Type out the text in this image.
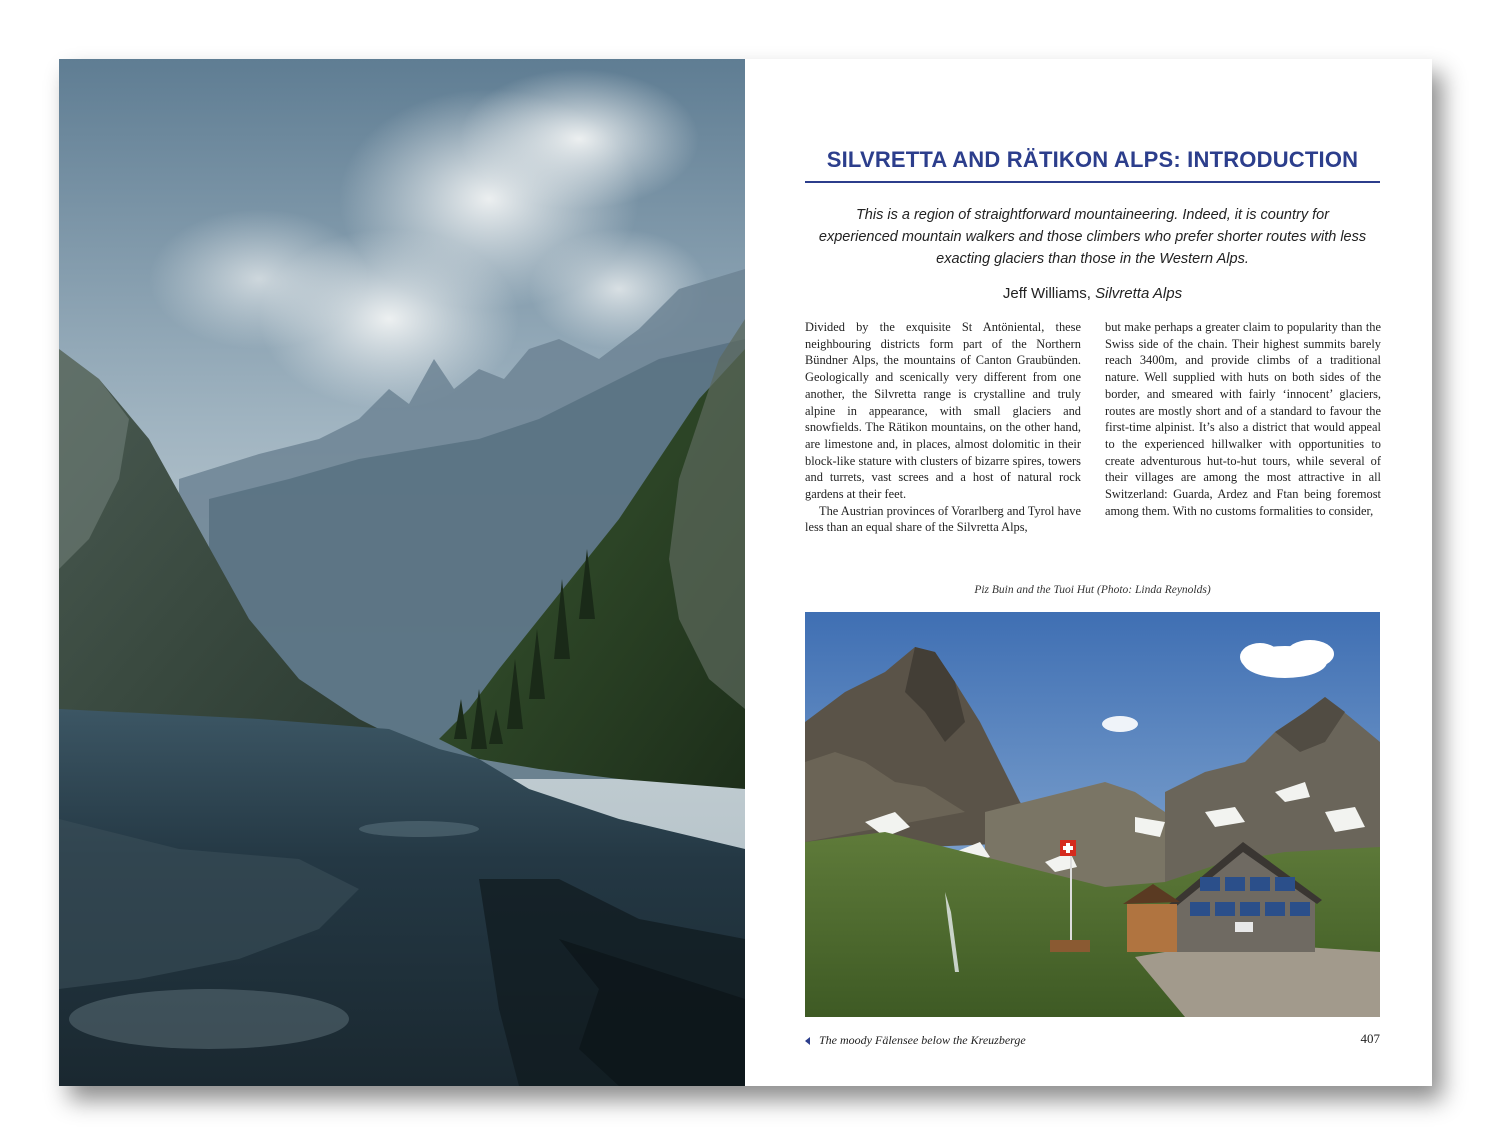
SILVRETTA AND RÄTIKON ALPS: INTRODUCTION

This is a region of straightforward mountaineering. Indeed, it is country for experienced mountain walkers and those climbers who prefer shorter routes with less exacting glaciers than those in the Western Alps.

Jeff Williams, Silvretta Alps

Divided by the exquisite St Antöniental, these neighbouring districts form part of the Northern Bündner Alps, the mountains of Canton Graubünden. Geologically and scenically very different from one another, the Silvretta range is crystalline and truly alpine in appearance, with small glaciers and snowfields. The Rätikon mountains, on the other hand, are limestone and, in places, almost dolomitic in their block-like stature with clusters of bizarre spires, towers and turrets, vast screes and a host of natural rock gardens at their feet.

The Austrian provinces of Vorarlberg and Tyrol have less than an equal share of the Silvretta Alps,

but make perhaps a greater claim to popularity than the Swiss side of the chain. Their highest summits barely reach 3400m, and provide climbs of a traditional nature. Well supplied with huts on both sides of the border, and smeared with fairly ‘innocent’ glaciers, routes are mostly short and of a standard to favour the first-time alpinist. It’s also a district that would appeal to the experienced hillwalker with opportunities to create adventurous hut-to-hut tours, while several of their villages are among the most attractive in all Switzerland: Guarda, Ardez and Ftan being foremost among them. With no customs formalities to consider,

Piz Buin and the Tuoi Hut (Photo: Linda Reynolds)
The moody Fälensee below the Kreuzberge	407
